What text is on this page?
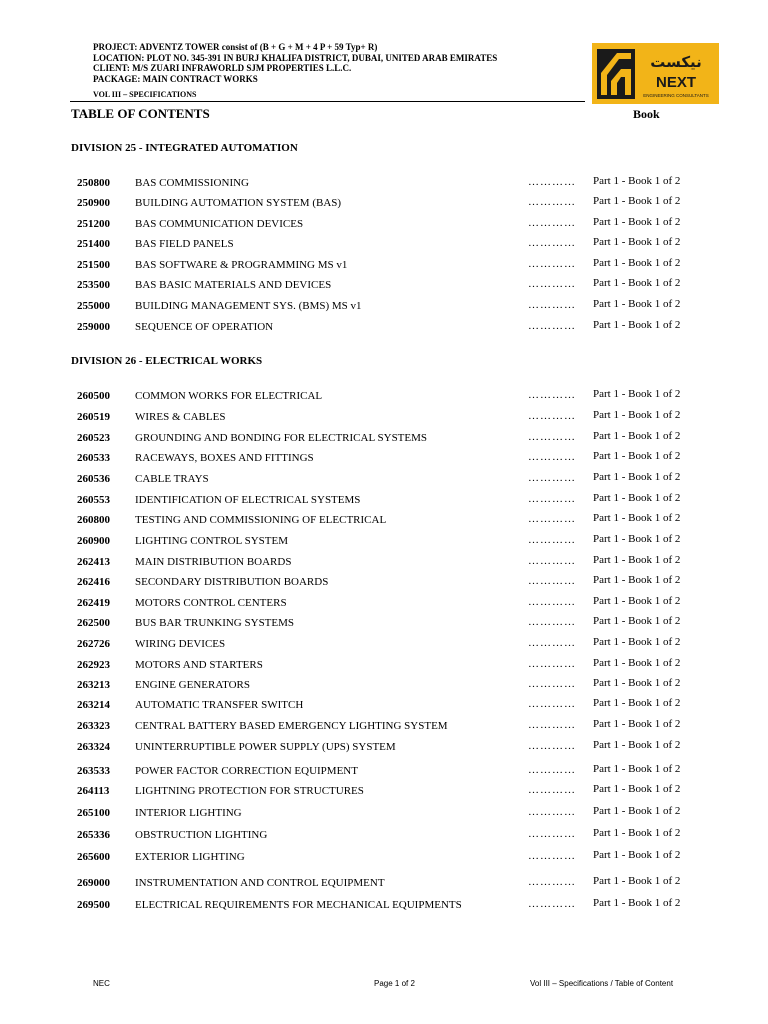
PROJECT: ADVENTZ TOWER consist of (B + G + M + 4 P + 59 Typ+ R)
LOCATION: PLOT NO. 345-391 IN BURJ KHALIFA DISTRICT, DUBAI, UNITED ARAB EMIRATES
CLIENT: M/S ZUARI INFRAWORLD SJM PROPERTIES L.L.C.
PACKAGE: MAIN CONTRACT WORKS
VOL III – SPECIFICATIONS
نيكست
NEXT
ENGINEERING CONSULTANTS
TABLE OF CONTENTS	Book
DIVISION 25 - INTEGRATED AUTOMATION
250800 BAS COMMISSIONING	………… Part 1 - Book 1 of 2
250900 BUILDING AUTOMATION SYSTEM (BAS)	………… Part 1 - Book 1 of 2
251200 BAS COMMUNICATION DEVICES	………… Part 1 - Book 1 of 2
251400 BAS FIELD PANELS	………… Part 1 - Book 1 of 2
251500 BAS SOFTWARE & PROGRAMMING MS v1	………… Part 1 - Book 1 of 2
253500 BAS BASIC MATERIALS AND DEVICES	………… Part 1 - Book 1 of 2
255000 BUILDING MANAGEMENT SYS. (BMS) MS v1	………… Part 1 - Book 1 of 2
259000 SEQUENCE OF OPERATION	………… Part 1 - Book 1 of 2
DIVISION 26 - ELECTRICAL WORKS
260500 COMMON WORKS FOR ELECTRICAL	………… Part 1 - Book 1 of 2
260519 WIRES & CABLES	………… Part 1 - Book 1 of 2
260523 GROUNDING AND BONDING FOR ELECTRICAL SYSTEMS	………… Part 1 - Book 1 of 2
260533 RACEWAYS, BOXES AND FITTINGS	………… Part 1 - Book 1 of 2
260536 CABLE TRAYS	………… Part 1 - Book 1 of 2
260553 IDENTIFICATION OF ELECTRICAL SYSTEMS	………… Part 1 - Book 1 of 2
260800 TESTING AND COMMISSIONING OF ELECTRICAL	………… Part 1 - Book 1 of 2
260900 LIGHTING CONTROL SYSTEM	………… Part 1 - Book 1 of 2
262413 MAIN DISTRIBUTION BOARDS	………… Part 1 - Book 1 of 2
262416 SECONDARY DISTRIBUTION BOARDS	………… Part 1 - Book 1 of 2
262419 MOTORS CONTROL CENTERS	………… Part 1 - Book 1 of 2
262500 BUS BAR TRUNKING SYSTEMS	………… Part 1 - Book 1 of 2
262726 WIRING DEVICES	………… Part 1 - Book 1 of 2
262923 MOTORS AND STARTERS	………… Part 1 - Book 1 of 2
263213 ENGINE GENERATORS	………… Part 1 - Book 1 of 2
263214 AUTOMATIC TRANSFER SWITCH	………… Part 1 - Book 1 of 2
263323 CENTRAL BATTERY BASED EMERGENCY LIGHTING SYSTEM	………… Part 1 - Book 1 of 2
263324 UNINTERRUPTIBLE POWER SUPPLY (UPS) SYSTEM	………… Part 1 - Book 1 of 2
263533 POWER FACTOR CORRECTION EQUIPMENT	………… Part 1 - Book 1 of 2
264113 LIGHTNING PROTECTION FOR STRUCTURES	………… Part 1 - Book 1 of 2
265100 INTERIOR LIGHTING	………… Part 1 - Book 1 of 2
265336 OBSTRUCTION LIGHTING	………… Part 1 - Book 1 of 2
265600 EXTERIOR LIGHTING	………… Part 1 - Book 1 of 2
269000 INSTRUMENTATION AND CONTROL EQUIPMENT	………… Part 1 - Book 1 of 2
269500 ELECTRICAL REQUIREMENTS FOR MECHANICAL EQUIPMENTS	………… Part 1 - Book 1 of 2
NEC	Page 1 of 2	Vol III – Specifications / Table of Content
